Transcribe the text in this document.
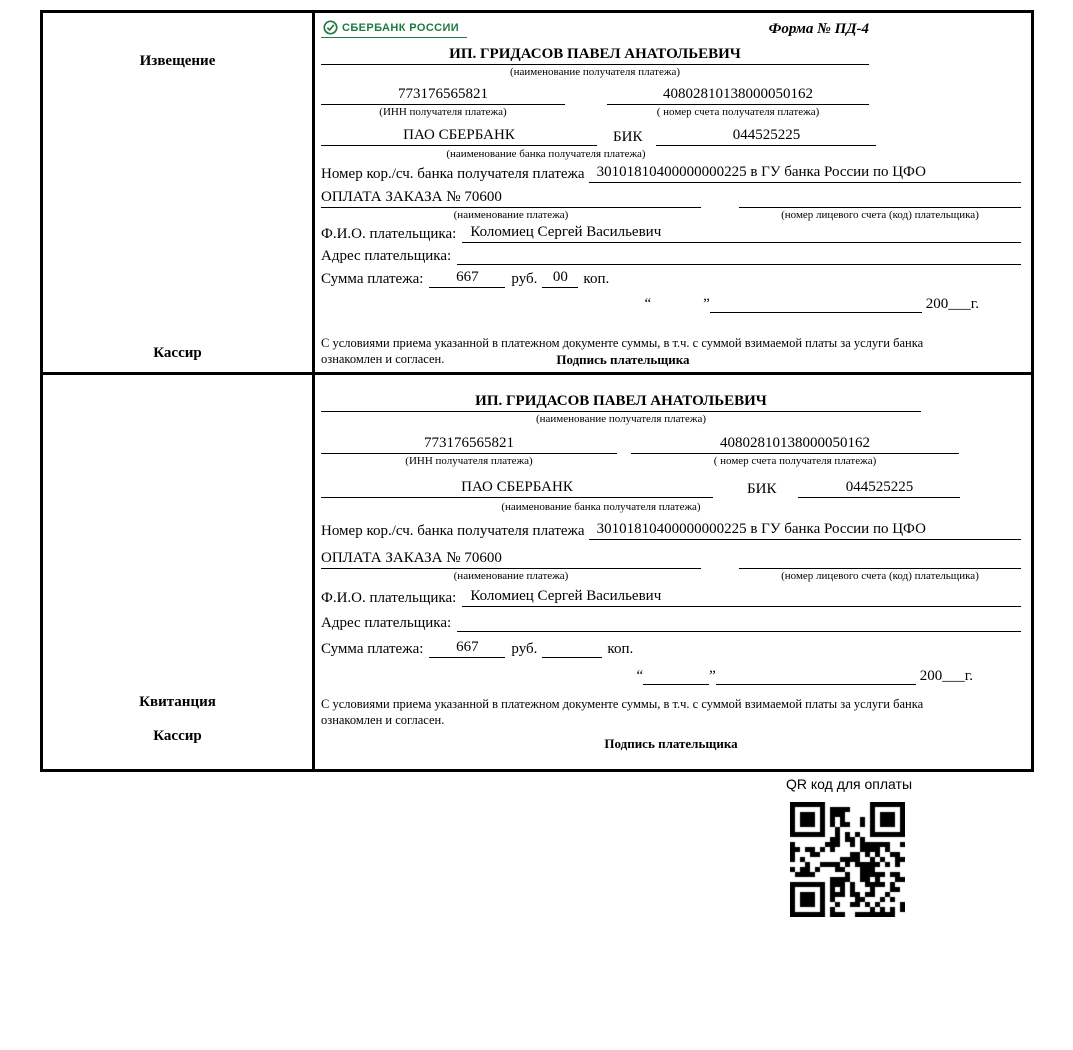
Извещение
Кассир
СБЕРБАНК РОССИИ	Форма № ПД-4
ИП. ГРИДАСОВ ПАВЕЛ АНАТОЛЬЕВИЧ
(наименование получателя платежа)
773176565821	40802810138000050162
(ИНН получателя платежа)	( номер счета получателя платежа)
ПАО СБЕРБАНК	БИК	044525225
(наименование банка получателя платежа)
Номер кор./сч. банка получателя платежа 30101810400000000225 в ГУ банка России по ЦФО
ОПЛАТА ЗАКАЗА № 70600
(наименование платежа)	(номер лицевого счета (код) плательщика)
Ф.И.О. плательщика: Коломиец Сергей Васильевич
Адрес плательщика:
Сумма платежа:	667	руб.	00	коп.
“	”	200___г.
С условиями приема указанной в платежном документе суммы, в т.ч. с суммой взимаемой платы за услуги банка
ознакомлен и согласен.	Подпись плательщика
Квитанция
Кассир
ИП. ГРИДАСОВ ПАВЕЛ АНАТОЛЬЕВИЧ
(наименование получателя платежа)
773176565821	40802810138000050162
(ИНН получателя платежа)	( номер счета получателя платежа)
ПАО СБЕРБАНК	БИК	044525225
(наименование банка получателя платежа)
Номер кор./сч. банка получателя платежа 30101810400000000225 в ГУ банка России по ЦФО
ОПЛАТА ЗАКАЗА № 70600
(наименование платежа)	(номер лицевого счета (код) плательщика)
Ф.И.О. плательщика: Коломиец Сергей Васильевич
Адрес плательщика:
Сумма платежа:	667	руб.	коп.
“	”	200___г.
С условиями приема указанной в платежном документе суммы, в т.ч. с суммой взимаемой платы за услуги банка
ознакомлен и согласен.
Подпись плательщика
QR код для оплаты
